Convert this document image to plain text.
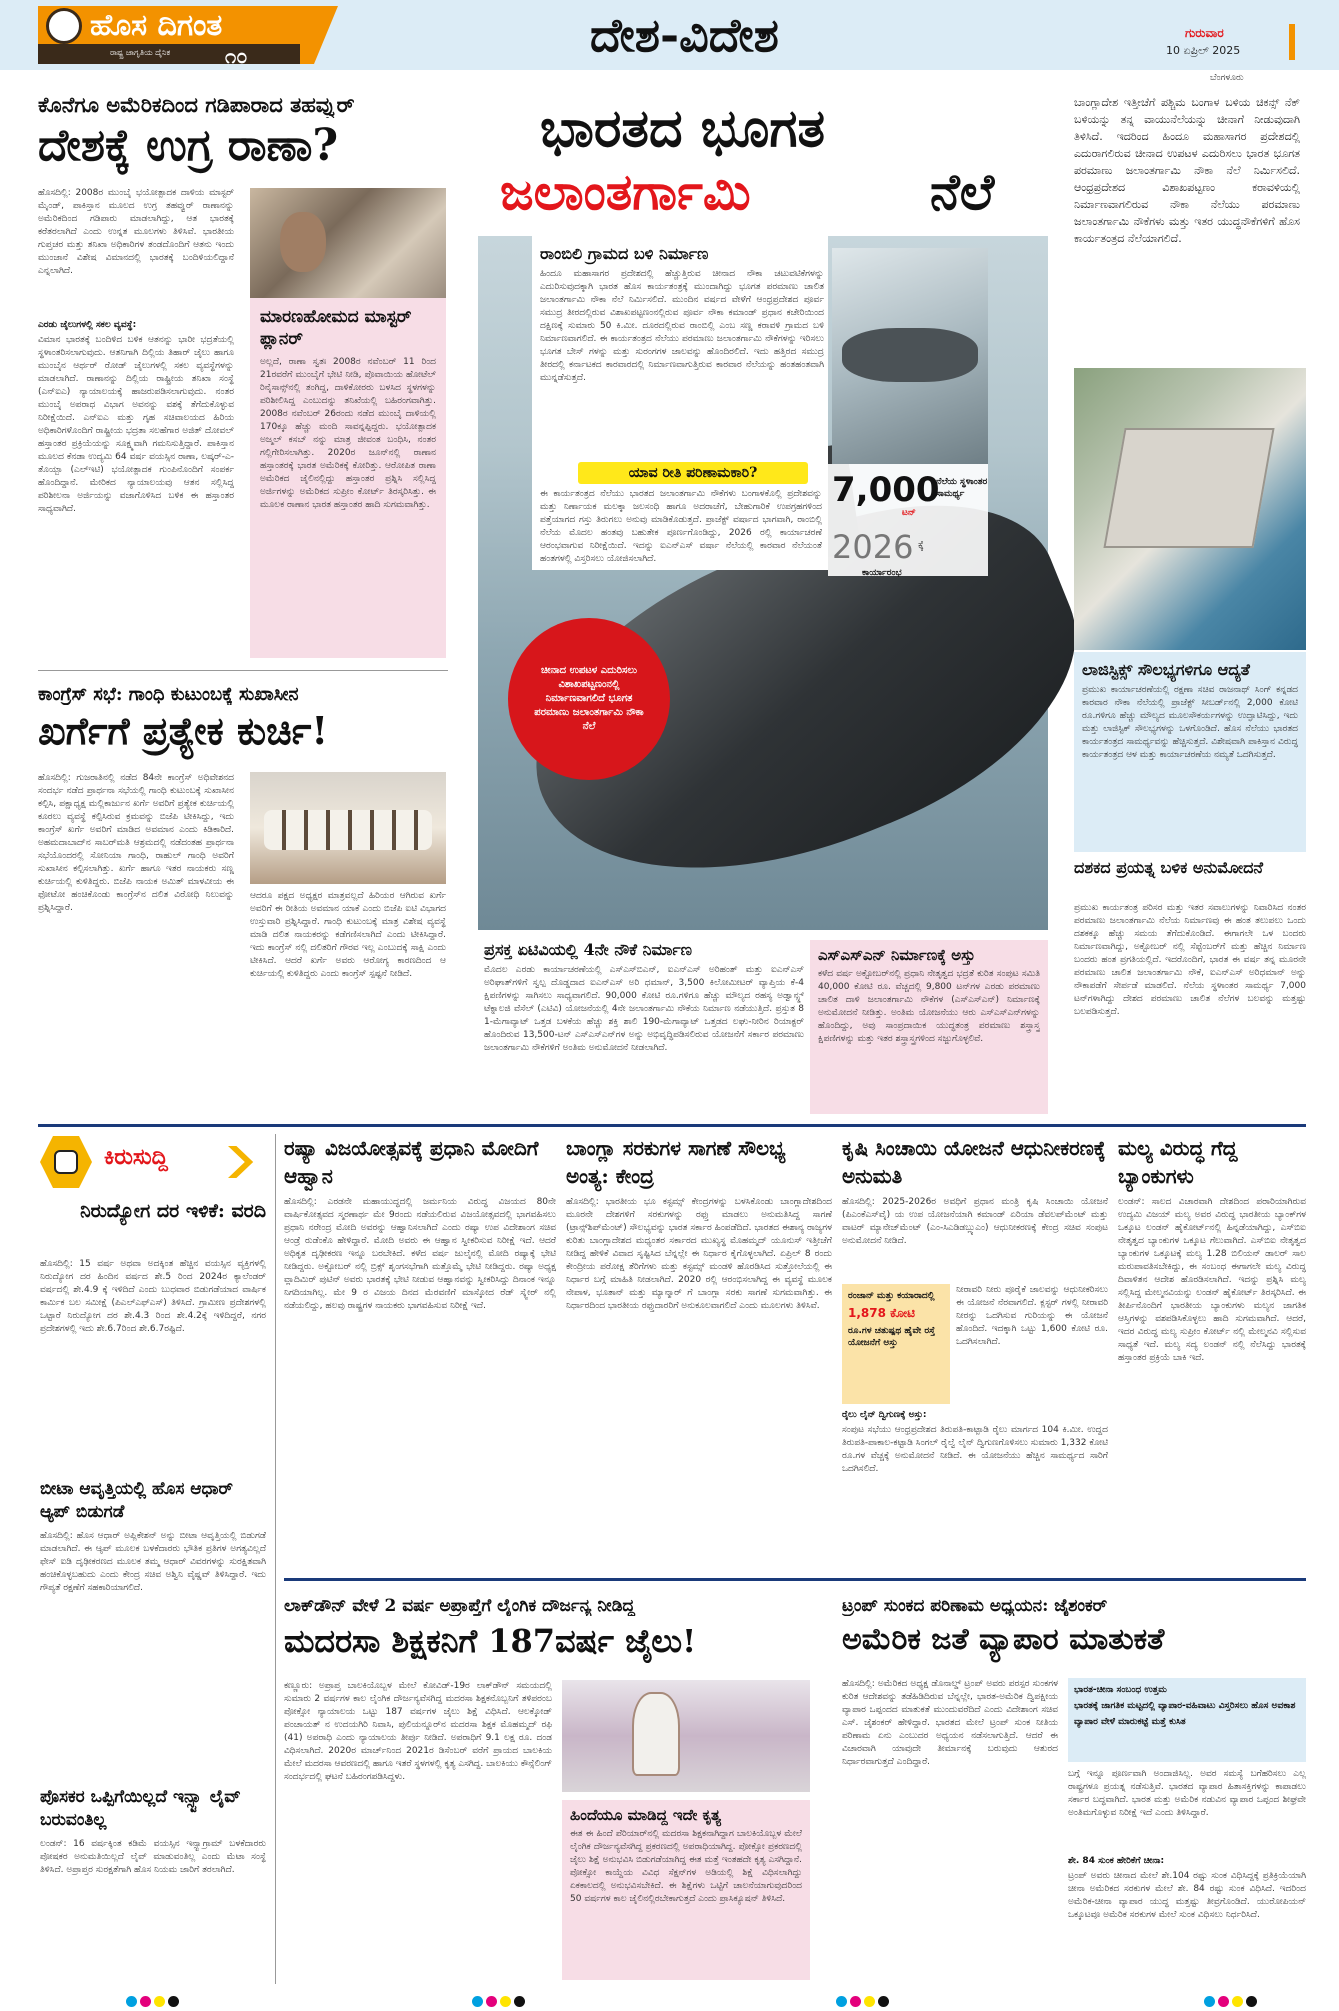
ಹೊಸ ದಿಗಂತ
ರಾಷ್ಟ್ರ ಜಾಗೃತಿಯ ದೈನಿಕ	೧೦	ದೇಶ-ವಿದೇಶ	ಗುರುವಾರ
10 ಏಪ್ರಿಲ್ 2025
ಬೆಂಗಳೂರು
ಕೊನೆಗೂ ಅಮೆರಿಕದಿಂದ ಗಡಿಪಾರಾದ ತಹವ್ವುರ್
ದೇಶಕ್ಕೆ ಉಗ್ರ ರಾಣಾ?
ಹೊಸದಿಲ್ಲಿ: 2008ರ ಮುಂಬೈ ಭಯೋತ್ಪಾದಕ ದಾಳಿಯ ಮಾಸ್ಟರ್ ಮೈಂಡ್, ಪಾಕಿಸ್ತಾನ ಮೂಲದ ಉಗ್ರ ತಹವ್ವುರ್ ರಾಣಾನನ್ನು ಅಮೆರಿಕದಿಂದ ಗಡಿಪಾರು ಮಾಡಲಾಗಿದ್ದು, ಆತ ಭಾರತಕ್ಕೆ ಕರೆತರಲಾಗಿದೆ ಎಂದು ಉನ್ನತ ಮೂಲಗಳು ತಿಳಿಸಿವೆ. ಭಾರತೀಯ ಗುಪ್ತಚರ ಮತ್ತು ತನಿಖಾ ಅಧಿಕಾರಿಗಳ ತಂಡದೊಂದಿಗೆ ಆತನು ಇಂದು ಮುಂಜಾನೆ ವಿಶೇಷ ವಿಮಾನದಲ್ಲಿ ಭಾರತಕ್ಕೆ ಬಂದಿಳಿಯಲಿದ್ದಾನೆ ಎನ್ನಲಾಗಿದೆ.
ಮಾರಣಹೋಮದ ಮಾಸ್ಟರ್ ಪ್ಲಾನರ್
ಅಲ್ಲದೆ, ರಾಣಾ ಸ್ವತಃ 2008ರ ನವೆಂಬರ್ 11 ರಿಂದ 21ರವರೆಗೆ ಮುಂಬೈಗೆ ಭೇಟಿ ನೀಡಿ, ಪೊವಾಯಿಯ ಹೋಟೆಲ್ ರಿನೈಸಾನ್ಸ್‌ನಲ್ಲಿ ತಂಗಿದ್ದ, ದಾಳಿಕೋರರು ಬಳಸಿದ ಸ್ಥಳಗಳನ್ನು ಪರಿಶೀಲಿಸಿದ್ದ ಎಂಬುದನ್ನು ತನಿಖೆಯಲ್ಲಿ ಬಹಿರಂಗವಾಗಿತ್ತು. 2008ರ ನವೆಂಬರ್ 26ರಂದು ನಡೆದ ಮುಂಬೈ ದಾಳಿಯಲ್ಲಿ 170ಕ್ಕೂ ಹೆಚ್ಚು ಮಂದಿ ಸಾವನ್ನಪ್ಪಿದ್ದರು. ಭಯೋತ್ಪಾದಕ ಅಜ್ಮಲ್ ಕಸಬ್ ನನ್ನು ಮಾತ್ರ ಜೀವಂತ ಬಂಧಿಸಿ, ನಂತರ ಗಲ್ಲಿಗೇರಿಸಲಾಗಿತ್ತು. 2020ರ ಜೂನ್‌ನಲ್ಲಿ ರಾಣಾನ ಹಸ್ತಾಂತರಕ್ಕೆ ಭಾರತ ಅಮೆರಿಕಕ್ಕೆ ಕೋರಿತ್ತು. ಆರೋಪಿತ ರಾಣಾ ಅಮೆರಿಕದ ಜೈಲಿನಲ್ಲಿದ್ದು ಹಸ್ತಾಂತರ ಪ್ರಶ್ನಿಸಿ ಸಲ್ಲಿಸಿದ್ದ ಅರ್ಜಿಗಳನ್ನು ಅಮೆರಿಕದ ಸುಪ್ರೀಂ ಕೋರ್ಟ್ ತಿರಸ್ಕರಿಸಿತ್ತು. ಈ ಮೂಲಕ ರಾಣಾನ ಭಾರತ ಹಸ್ತಾಂತರ ಹಾದಿ ಸುಗಮವಾಗಿತ್ತು.
ಎರಡು ಜೈಲುಗಳಲ್ಲಿ ಸಕಲ ವ್ಯವಸ್ಥೆ:
ವಿಮಾನ ಭಾರತಕ್ಕೆ ಬಂದಿಳಿದ ಬಳಿಕ ಆತನನ್ನು ಭಾರೀ ಭದ್ರತೆಯಲ್ಲಿ ಸ್ಥಳಾಂತರಿಸಲಾಗುವುದು. ಆತನಿಗಾಗಿ ದಿಲ್ಲಿಯ ತಿಹಾರ್ ಜೈಲು ಹಾಗೂ ಮುಂಬೈನ ಆರ್ಥರ್ ರೋಡ್ ಜೈಲುಗಳಲ್ಲಿ ಸಕಲ ವ್ಯವಸ್ಥೆಗಳನ್ನು ಮಾಡಲಾಗಿದೆ. ರಾಣಾನನ್ನು ದಿಲ್ಲಿಯ ರಾಷ್ಟ್ರೀಯ ತನಿಖಾ ಸಂಸ್ಥೆ (ಎನ್‌ಐಎ) ನ್ಯಾಯಾಲಯಕ್ಕೆ ಹಾಜರುಪಡಿಸಲಾಗುವುದು. ನಂತರ ಮುಂಬೈ ಅಪರಾಧ ವಿಭಾಗ ಅವನನ್ನು ವಶಕ್ಕೆ ತೆಗೆದುಕೊಳ್ಳುವ ನಿರೀಕ್ಷೆಯಿದೆ. ಎನ್‌ಐಎ ಮತ್ತು ಗೃಹ ಸಚಿವಾಲಯದ ಹಿರಿಯ ಅಧಿಕಾರಿಗಳೊಂದಿಗೆ ರಾಷ್ಟ್ರೀಯ ಭದ್ರತಾ ಸಲಹೆಗಾರ ಅಜಿತ್ ದೋವಲ್ ಹಸ್ತಾಂತರ ಪ್ರಕ್ರಿಯೆಯನ್ನು ಸೂಕ್ಷ್ಮವಾಗಿ ಗಮನಿಸುತ್ತಿದ್ದಾರೆ. ಪಾಕಿಸ್ತಾನ ಮೂಲದ ಕೆನಡಾ ಉದ್ಯಮಿ 64 ವರ್ಷ ವಯಸ್ಸಿನ ರಾಣಾ, ಲಷ್ಕರ್-ಎ-ತೊಯ್ಬಾ (ಎಲ್‌ಇಟಿ) ಭಯೋತ್ಪಾದಕ ಗುಂಪಿನೊಂದಿಗೆ ಸಂಪರ್ಕ ಹೊಂದಿದ್ದಾನೆ. ಮೇರಿಕದ ನ್ಯಾಯಾಲಯವು ಆತನ ಸಲ್ಲಿಸಿದ್ದ ಪರಿಶೀಲನಾ ಅರ್ಜಿಯನ್ನು ವಜಾಗೊಳಿಸಿದ ಬಳಿಕ ಈ ಹಸ್ತಾಂತರ ಸಾಧ್ಯವಾಗಿದೆ.
ಕಾಂಗ್ರೆಸ್ ಸಭೆ: ಗಾಂಧಿ ಕುಟುಂಬಕ್ಕೆ ಸುಖಾಸೀನ
ಖರ್ಗೆಗೆ ಪ್ರತ್ಯೇಕ ಕುರ್ಚಿ!
ಹೊಸದಿಲ್ಲಿ: ಗುಜರಾತಿನಲ್ಲಿ ನಡೆದ 84ನೇ ಕಾಂಗ್ರೆಸ್ ಅಧಿವೇಶನದ ಸಂದರ್ಭ ನಡೆದ ಪ್ರಾರ್ಥನಾ ಸಭೆಯಲ್ಲಿ ಗಾಂಧಿ ಕುಟುಂಬಕ್ಕೆ ಸುಖಾಸೀನ ಕಲ್ಪಿಸಿ, ಪಕ್ಷಾಧ್ಯಕ್ಷ ಮಲ್ಲಿಕಾರ್ಜುನ ಖರ್ಗೆ ಅವರಿಗೆ ಪ್ರತ್ಯೇಕ ಕುರ್ಚಿಯಲ್ಲಿ ಕೂರಲು ವ್ಯವಸ್ಥೆ ಕಲ್ಪಿಸಿರುವ ಕ್ರಮವನ್ನು ಬಿಜೆಪಿ ಟೀಕಿಸಿದ್ದು, ಇದು ಕಾಂಗ್ರೆಸ್ ಖರ್ಗೆ ಅವರಿಗೆ ಮಾಡಿದ ಅವಮಾನ ಎಂದು ಕಿಡಿಕಾರಿದೆ. ಅಹಮದಾಬಾದ್‌ನ ಸಾಬರ್‌ಮತಿ ಆಶ್ರಮದಲ್ಲಿ ನಡೆದಂತಹ ಪ್ರಾರ್ಥನಾ ಸಭೆಯೊಂದರಲ್ಲಿ ಸೋನಿಯಾ ಗಾಂಧಿ, ರಾಹುಲ್ ಗಾಂಧಿ ಅವರಿಗೆ ಸುಖಾಸೀನ ಕಲ್ಪಿಸಲಾಗಿತ್ತು. ಖರ್ಗೆ ಹಾಗೂ ಇತರ ನಾಯಕರು ಸಣ್ಣ ಕುರ್ಚಿಯಲ್ಲಿ ಕುಳಿತಿದ್ದರು. ಬಿಜೆಪಿ ನಾಯಕ ಅಮಿತ್ ಮಾಳವೀಯ ಈ ಫೋಟೋ ಹಂಚಿಕೊಂಡು ಕಾಂಗ್ರೆಸ್‌ನ ದಲಿತ ವಿರೋಧಿ ನಿಲುವನ್ನು ಪ್ರಶ್ನಿಸಿದ್ದಾರೆ.
ಆದರೂ ಪಕ್ಷದ ಅಧ್ಯಕ್ಷರ ಮಾತ್ರವಲ್ಲದೆ ಹಿರಿಯರ ಆಗಿರುವ ಖರ್ಗೆ ಅವರಿಗೆ ಈ ರೀತಿಯ ಅವಮಾನ ಯಾಕೆ ಎಂದು ಬಿಜೆಪಿ ಐಟಿ ವಿಭಾಗದ ಉಸ್ತುವಾರಿ ಪ್ರಶ್ನಿಸಿದ್ದಾರೆ. ಗಾಂಧಿ ಕುಟುಂಬಕ್ಕೆ ಮಾತ್ರ ವಿಶೇಷ ವ್ಯವಸ್ಥೆ ಮಾಡಿ ದಲಿತ ನಾಯಕರನ್ನು ಕಡೆಗಣಿಸಲಾಗಿದೆ ಎಂದು ಟೀಕಿಸಿದ್ದಾರೆ. ಇದು ಕಾಂಗ್ರೆಸ್ ನಲ್ಲಿ ದಲಿತರಿಗೆ ಗೌರವ ಇಲ್ಲ ಎಂಬುದಕ್ಕೆ ಸಾಕ್ಷಿ ಎಂದು ಟೀಕಿಸಿದೆ. ಆದರೆ ಖರ್ಗೆ ಅವರು ಆರೋಗ್ಯ ಕಾರಣದಿಂದ ಆ ಕುರ್ಚಿಯಲ್ಲಿ ಕುಳಿತಿದ್ದರು ಎಂದು ಕಾಂಗ್ರೆಸ್ ಸ್ಪಷ್ಟನೆ ನೀಡಿದೆ.
ಭಾರತದ ಭೂಗತ
ಜಲಾಂತರ್ಗಾಮಿ	ನೆಲೆ
ರಾಂಬಿಲಿ ಗ್ರಾಮದ ಬಳಿ ನಿರ್ಮಾಣ
ಹಿಂದೂ ಮಹಾಸಾಗರ ಪ್ರದೇಶದಲ್ಲಿ ಹೆಚ್ಚುತ್ತಿರುವ ಚೀನಾದ ನೌಕಾ ಚಟುವಟಿಕೆಗಳನ್ನು ಎದುರಿಸುವುದಕ್ಕಾಗಿ ಭಾರತ ಹೊಸ ಕಾರ್ಯತಂತ್ರಕ್ಕೆ ಮುಂದಾಗಿದ್ದು ಭೂಗತ ಪರಮಾಣು ಚಾಲಿತ ಜಲಾಂತರ್ಗಾಮಿ ನೌಕಾ ನೆಲೆ ನಿರ್ಮಿಸಲಿದೆ. ಮುಂದಿನ ವರ್ಷದ ವೇಳೆಗೆ ಆಂಧ್ರಪ್ರದೇಶದ ಪೂರ್ವ ಸಮುದ್ರ ತೀರದಲ್ಲಿರುವ ವಿಶಾಖಪಟ್ಟಣಂನಲ್ಲಿರುವ ಪೂರ್ವ ನೌಕಾ ಕಮಾಂಡ್ ಪ್ರಧಾನ ಕಚೇರಿಯಿಂದ ದಕ್ಷಿಣಕ್ಕೆ ಸುಮಾರು 50 ಕಿ.ಮೀ. ದೂರದಲ್ಲಿರುವ ರಾಂಬಿಲ್ಲಿ ಎಂಬ ಸಣ್ಣ ಕರಾವಳಿ ಗ್ರಾಮದ ಬಳಿ ನಿರ್ಮಾಣವಾಗಲಿದೆ. ಈ ಕಾರ್ಯತಂತ್ರದ ನೆಲೆಯು ಪರಮಾಣು ಜಲಾಂತರ್ಗಾಮಿ ನೌಕೆಗಳನ್ನು ಇರಿಸಲು ಭೂಗತ ಬೇಸ್ ಗಳನ್ನು ಮತ್ತು ಸುರಂಗಗಳ ಜಾಲವನ್ನು ಹೊಂದಿರಲಿದೆ. ಇದು ಹತ್ತಿರದ ಸಮುದ್ರ ತೀರದಲ್ಲಿ ಕರ್ನಾಟಕದ ಕಾರವಾರದಲ್ಲಿ ನಿರ್ಮಾಣವಾಗುತ್ತಿರುವ ಕಾರವಾರ ನೆಲೆಯನ್ನು ಹಂತಹಂತವಾಗಿ ಮುನ್ನಡೆಸುತ್ತದೆ.
ಯಾವ ರೀತಿ ಪರಿಣಾಮಕಾರಿ?
ಈ ಕಾರ್ಯತಂತ್ರದ ನೆಲೆಯು ಭಾರತದ ಜಲಾಂತರ್ಗಾಮಿ ನೌಕೆಗಳು ಬಂಗಾಳಕೊಲ್ಲಿ ಪ್ರದೇಶವನ್ನು ಮತ್ತು ನಿರ್ಣಾಯಕ ಮಲಕ್ಕಾ ಜಲಸಂಧಿ ಹಾಗೂ ಅದರಾಚೆಗೆ, ಬೇಹುಗಾರಿಕೆ ಉಪಗ್ರಹಗಳಿಂದ ಪತ್ತೆಯಾಗದ ಗಸ್ತು ತಿರುಗಲು ಅನುವು ಮಾಡಿಕೊಡುತ್ತದೆ. ಪ್ರಾಜೆಕ್ಟ್ ವರ್ಷಾದ ಭಾಗವಾಗಿ, ರಾಂಬಿಲ್ಲಿ ನೆಲೆಯ ಮೊದಲ ಹಂತವು ಬಹುತೇಕ ಪೂರ್ಣಗೊಂಡಿದ್ದು, 2026 ರಲ್ಲಿ ಕಾರ್ಯಾಚರಣೆ ಆರಂಭವಾಗುವ ನಿರೀಕ್ಷೆಯಿದೆ. ಇದನ್ನು ಐಎನ್‌ಎಸ್ ವರ್ಷಾ ನೆಲೆಯಲ್ಲಿ ಕಾರವಾರ ನೆಲೆಯಂತೆ ಹಂತಗಳಲ್ಲಿ ವಿಸ್ತರಿಸಲು ಯೋಜಿಸಲಾಗಿದೆ.
7,000
ಟನ್
ನೆಲೆಯ ಸ್ಥಳಾಂತರ ಸಾಮರ್ಥ್ಯ
2026 ಕ್ಕೆ
ಕಾರ್ಯಾರಂಭ
ಚೀನಾದ ಉಪಟಳ ಎದುರಿಸಲು ವಿಶಾಖಪಟ್ಟಣಂನಲ್ಲಿ ನಿರ್ಮಾಣವಾಗಲಿದೆ ಭೂಗತ ಪರಮಾಣು ಜಲಾಂತರ್ಗಾಮಿ ನೌಕಾ ನೆಲೆ
ಬಾಂಗ್ಲಾದೇಶ ಇತ್ತೀಚೆಗೆ ಪಶ್ಚಿಮ ಬಂಗಾಳ ಬಳಿಯ ಚಿಕನ್ಸ್ ನೆಕ್ ಬಳಿಯನ್ನು ತನ್ನ ವಾಯುನೆಲೆಯನ್ನು ಚೀನಾಗೆ ನೀಡುವುದಾಗಿ ತಿಳಿಸಿದೆ. ಇದರಿಂದ ಹಿಂದೂ ಮಹಾಸಾಗರ ಪ್ರದೇಶದಲ್ಲಿ ಎದುರಾಗಲಿರುವ ಚೀನಾದ ಉಪಟಳ ಎದುರಿಸಲು ಭಾರತ ಭೂಗತ ಪರಮಾಣು ಜಲಾಂತರ್ಗಾಮಿ ನೌಕಾ ನೆಲೆ ನಿರ್ಮಿಸಲಿದೆ. ಆಂಧ್ರಪ್ರದೇಶದ ವಿಶಾಖಪಟ್ಟಣಂ ಕರಾವಳಿಯಲ್ಲಿ ನಿರ್ಮಾಣವಾಗಲಿರುವ ನೌಕಾ ನೆಲೆಯು ಪರಮಾಣು ಜಲಾಂತರ್ಗಾಮಿ ನೌಕೆಗಳು ಮತ್ತು ಇತರ ಯುದ್ಧನೌಕೆಗಳಿಗೆ ಹೊಸ ಕಾರ್ಯತಂತ್ರದ ನೆಲೆಯಾಗಲಿದೆ.
ಲಾಜಿಸ್ಟಿಕ್ಸ್ ಸೌಲಭ್ಯಗಳಿಗೂ ಆದ್ಯತೆ
ಪ್ರಮುಖ ಕಾರ್ಯಾಚರಣೆಯಲ್ಲಿ ರಕ್ಷಣಾ ಸಚಿವ ರಾಜನಾಥ್ ಸಿಂಗ್ ಕನ್ನಡದ ಕಾರವಾರ ನೌಕಾ ನೆಲೆಯಲ್ಲಿ ಪ್ರಾಜೆಕ್ಟ್ ಸೀಬರ್ಡ್‌ನಲ್ಲಿ 2,000 ಕೋಟಿ ರೂ.ಗಳಿಗೂ ಹೆಚ್ಚು ಮೌಲ್ಯದ ಮೂಲಸೌಕರ್ಯಗಳನ್ನು ಉದ್ಘಾಟಿಸಿದ್ದು, ಇದು ಮತ್ತು ಲಾಜಿಸ್ಟಿಕ್ ಸೌಲಭ್ಯಗಳನ್ನು ಒಳಗೊಂಡಿದೆ. ಹೊಸ ನೆಲೆಯು ಭಾರತದ ಕಾರ್ಯತಂತ್ರದ ಸಾಮರ್ಥ್ಯವನ್ನು ಹೆಚ್ಚಿಸುತ್ತದೆ. ವಿಶೇಷವಾಗಿ ಪಾಕಿಸ್ತಾನ ವಿರುದ್ಧ ಕಾರ್ಯತಂತ್ರದ ಆಳ ಮತ್ತು ಕಾರ್ಯಾಚರಣೆಯ ನಮ್ಯತೆ ಒದಗಿಸುತ್ತದೆ.
ದಶಕದ ಪ್ರಯತ್ನ ಬಳಿಕ ಅನುಮೋದನೆ
ಪ್ರಮುಖ ಕಾರ್ಯತಂತ್ರ ಪರಿಸರ ಮತ್ತು ಇತರ ಸವಾಲುಗಳನ್ನು ನಿವಾರಿಸಿದ ನಂತರ ಪರಮಾಣು ಜಲಾಂತರ್ಗಾಮಿ ನೆಲೆಯ ನಿರ್ಮಾಣವು ಈ ಹಂತ ತಲುಪಲು ಒಂದು ದಶಕಕ್ಕೂ ಹೆಚ್ಚು ಸಮಯ ತೆಗೆದುಕೊಂಡಿದೆ. ಈಗಾಗಲೇ ಒಳ ಬಂದರು ನಿರ್ಮಾಣವಾಗಿದ್ದು, ಅಕ್ಟೋಬರ್ ನಲ್ಲಿ ಸೆಪ್ಟೆಂಬರ್‌ಗೆ ಮತ್ತು ಹೆಚ್ಚಿನ ನಿರ್ಮಾಣ ಬಂದರು ಹಂತ ಪ್ರಗತಿಯಲ್ಲಿದೆ. ಇದರೊಂದಿಗೆ, ಭಾರತ ಈ ವರ್ಷ ತನ್ನ ಮೂರನೇ ಪರಮಾಣು ಚಾಲಿತ ಜಲಾಂತರ್ಗಾಮಿ ನೌಕೆ, ಐಎನ್‌ಎಸ್ ಅರಿಧಮಾನ್ ಅನ್ನು ನೌಕಾಪಡೆಗೆ ಸೇರ್ಪಡೆ ಮಾಡಲಿದೆ. ನೆಲೆಯ ಸ್ಥಳಾಂತರ ಸಾಮರ್ಥ್ಯ 7,000 ಟನ್‌ಗಳಾಗಿದ್ದು ದೇಶದ ಪರಮಾಣು ಚಾಲಿತ ನೆಲೆಗಳ ಬಲವನ್ನು ಮತ್ತಷ್ಟು ಬಲಪಡಿಸುತ್ತದೆ.
ಪ್ರಸಕ್ತ ಏಟಿವಿಯಲ್ಲಿ 4ನೇ ನೌಕೆ ನಿರ್ಮಾಣ
ಮೊದಲ ಎರಡು ಕಾರ್ಯಾಚರಣೆಯಲ್ಲಿ ಎಸ್‌ಎಸ್‌ಬಿಎನ್, ಐಎನ್‌ಎಸ್ ಅರಿಹಂತ್ ಮತ್ತು ಐಎನ್‌ಎಸ್ ಅರಿಘಾತ್‌ಗಳಿಗೆ ಸ್ವಲ್ಪ ದೊಡ್ಡದಾದ ಐಎನ್‌ಎಸ್ ಅರಿ ಧಮಾನ್, 3,500 ಕಿಲೋಮೀಟರ್ ವ್ಯಾಪ್ತಿಯ ಕೆ-4 ಕ್ಷಿಪಣಿಗಳನ್ನು ಸಾಗಿಸಲು ಸಾಧ್ಯವಾಗಲಿದೆ. 90,000 ಕೋಟಿ ರೂ.ಗಳಿಗೂ ಹೆಚ್ಚು ಮೌಲ್ಯದ ರಹಸ್ಯ ಅಡ್ವಾನ್ಸ್ಡ್ ಟೆಕ್ನಾಲಜಿ ವೆಸೆಲ್ (ಎಟಿವಿ) ಯೋಜನೆಯಲ್ಲಿ 4ನೇ ಜಲಾಂತರ್ಗಾಮಿ ನೌಕೆಯ ನಿರ್ಮಾಣ ನಡೆಯುತ್ತಿದೆ. ಪ್ರಸ್ತುತ 8 1-ಮೆಗಾವ್ಯಾಟ್ ಒತ್ತಡ ಬಳಕೆಯ ಹೆಚ್ಚು ಶಕ್ತಿ ಶಾಲಿ 190-ಮೆಗಾವ್ಯಾಟ್ ಒತ್ತಡದ ಲಘು-ನೀರಿನ ರಿಯಾಕ್ಟರ್ ಹೊಂದಿರುವ 13,500-ಟನ್ ಎಸ್‌ಎಸ್‌ಎನ್‌ಗಳ ಅನ್ನು ಅಭಿವೃದ್ಧಿಪಡಿಸಲಿರುವ ಯೋಜನೆಗೆ ಸರ್ಕಾರ ಪರಮಾಣು ಜಲಾಂತರ್ಗಾಮಿ ನೌಕೆಗಳಿಗೆ ಅಂತಿಮ ಅನುಮೋದನೆ ನೀಡಲಾಗಿದೆ.
ಎಸ್‌ಎಸ್‌ಎನ್ ನಿರ್ಮಾಣಕ್ಕೆ ಅಸ್ತು
ಕಳೆದ ವರ್ಷ ಅಕ್ಟೋಬರ್‌ನಲ್ಲಿ ಪ್ರಧಾನಿ ನೇತೃತ್ವದ ಭದ್ರತೆ ಕುರಿತ ಸಂಪುಟ ಸಮಿತಿ 40,000 ಕೋಟಿ ರೂ. ವೆಚ್ಚದಲ್ಲಿ 9,800 ಟನ್‌ಗಳ ಎರಡು ಪರಮಾಣು ಚಾಲಿತ ದಾಳಿ ಜಲಾಂತರ್ಗಾಮಿ ನೌಕೆಗಳ (ಎಸ್‌ಎಸ್‌ಎನ್) ನಿರ್ಮಾಣಕ್ಕೆ ಅನುಮೋದನೆ ನೀಡಿತ್ತು. ಅಂತಿಮ ಯೋಜನೆಯು ಆರು ಎಸ್‌ಎಸ್‌ಎನ್‌ಗಳನ್ನು ಹೊಂದಿದ್ದು, ಅವು ಸಾಂಪ್ರದಾಯಿಕ ಯುದ್ಧತಂತ್ರ ಪರಮಾಣು ಶಸ್ತ್ರಾಸ್ತ್ರ ಕ್ಷಿಪಣಿಗಳನ್ನು ಮತ್ತು ಇತರ ಶಸ್ತ್ರಾಸ್ತ್ರಗಳಿಂದ ಸಜ್ಜುಗೊಳ್ಳಲಿವೆ.
ಕಿರುಸುದ್ದಿ
ನಿರುದ್ಯೋಗ ದರ ಇಳಿಕೆ: ವರದಿ
ಹೊಸದಿಲ್ಲಿ: 15 ವರ್ಷ ಅಥವಾ ಅದಕ್ಕಿಂತ ಹೆಚ್ಚಿನ ವಯಸ್ಸಿನ ವ್ಯಕ್ತಿಗಳಲ್ಲಿ ನಿರುದ್ಯೋಗ ದರ ಹಿಂದಿನ ವರ್ಷದ ಶೇ.5 ರಿಂದ 2024ರ ಕ್ಯಾಲೆಂಡರ್ ವರ್ಷದಲ್ಲಿ ಶೇ.4.9 ಕ್ಕೆ ಇಳಿದಿದೆ ಎಂದು ಬುಧವಾರ ಬಿಡುಗಡೆಯಾದ ವಾರ್ಷಿಕ ಕಾರ್ಮಿಕ ಬಲ ಸಮೀಕ್ಷೆ (ಪಿಎಲ್‌ಎಫ್‌ಎಸ್) ತಿಳಿಸಿದೆ. ಗ್ರಾಮೀಣ ಪ್ರದೇಶಗಳಲ್ಲಿ ಒಟ್ಟಾರೆ ನಿರುದ್ಯೋಗ ದರ ಶೇ.4.3 ರಿಂದ ಶೇ.4.2ಕ್ಕೆ ಇಳಿದಿದ್ದರೆ, ನಗರ ಪ್ರದೇಶಗಳಲ್ಲಿ ಇದು ಶೇ.6.7ರಿಂದ ಶೇ.6.7ರಷ್ಟಿದೆ.
ಬೀಟಾ ಆವೃತ್ತಿಯಲ್ಲಿ ಹೊಸ ಆಧಾರ್ ಆ್ಯಪ್ ಬಿಡುಗಡೆ
ಹೊಸದಿಲ್ಲಿ: ಹೊಸ ಆಧಾರ್ ಅಪ್ಲಿಕೇಶನ್ ಅನ್ನು ಬೀಟಾ ಆವೃತ್ತಿಯಲ್ಲಿ ಬಿಡುಗಡೆ ಮಾಡಲಾಗಿದೆ. ಈ ಆ್ಯಪ್ ಮೂಲಕ ಬಳಕೆದಾರರು ಭೌತಿಕ ಪ್ರತಿಗಳ ಅಗತ್ಯವಿಲ್ಲದೆ ಫೇಸ್ ಐಡಿ ದೃಢೀಕರಣದ ಮೂಲಕ ತಮ್ಮ ಆಧಾರ್ ವಿವರಗಳನ್ನು ಸುರಕ್ಷಿತವಾಗಿ ಹಂಚಿಕೊಳ್ಳಬಹುದು ಎಂದು ಕೇಂದ್ರ ಸಚಿವ ಅಶ್ವಿನಿ ವೈಷ್ಣವ್ ತಿಳಿಸಿದ್ದಾರೆ. ಇದು ಗೌಪ್ಯತೆ ರಕ್ಷಣೆಗೆ ಸಹಕಾರಿಯಾಗಲಿದೆ.
ಪೊಸಕರ ಒಪ್ಪಿಗೆಯಿಲ್ಲದೆ ಇನ್ಸ್ಟಾ ಲೈವ್ ಬರುವಂತಿಲ್ಲ
ಲಂಡನ್: 16 ವರ್ಷಕ್ಕಿಂತ ಕಡಿಮೆ ವಯಸ್ಸಿನ ಇನ್ಸ್ಟಾಗ್ರಾಮ್ ಬಳಕೆದಾರರು ಪೋಷಕರ ಅನುಮತಿಯಿಲ್ಲದೆ ಲೈವ್ ಮಾಡುವಂತಿಲ್ಲ ಎಂದು ಮೆಟಾ ಸಂಸ್ಥೆ ತಿಳಿಸಿದೆ. ಅಪ್ರಾಪ್ತರ ಸುರಕ್ಷತೆಗಾಗಿ ಹೊಸ ನಿಯಮ ಜಾರಿಗೆ ತರಲಾಗಿದೆ.
ರಷ್ಯಾ ವಿಜಯೋತ್ಸವಕ್ಕೆ ಪ್ರಧಾನಿ ಮೋದಿಗೆ ಆಹ್ವಾನ
ಹೊಸದಿಲ್ಲಿ: ಎರಡನೇ ಮಹಾಯುದ್ಧದಲ್ಲಿ ಜರ್ಮನಿಯ ವಿರುದ್ಧ ವಿಜಯದ 80ನೇ ವಾರ್ಷಿಕೋತ್ಸವದ ಸ್ಮರಣಾರ್ಥ ಮೇ 9ರಂದು ನಡೆಯಲಿರುವ ವಿಜಯೋತ್ಸವದಲ್ಲಿ ಭಾಗವಹಿಸಲು ಪ್ರಧಾನಿ ನರೇಂದ್ರ ಮೋದಿ ಅವರನ್ನು ಆಹ್ವಾನಿಸಲಾಗಿದೆ ಎಂದು ರಷ್ಯಾ ಉಪ ವಿದೇಶಾಂಗ ಸಚಿವ ಆಂಡ್ರೆ ರುಡೆಂಕೊ ಹೇಳಿದ್ದಾರೆ. ಮೋದಿ ಅವರು ಈ ಆಹ್ವಾನ ಸ್ವೀಕರಿಸುವ ನಿರೀಕ್ಷೆ ಇದೆ. ಆದರೆ ಅಧಿಕೃತ ದೃಢೀಕರಣ ಇನ್ನೂ ಬರಬೇಕಿದೆ. ಕಳೆದ ವರ್ಷ ಜುಲೈನಲ್ಲಿ ಮೋದಿ ರಷ್ಯಾಕ್ಕೆ ಭೇಟಿ ನೀಡಿದ್ದರು. ಅಕ್ಟೋಬರ್ ನಲ್ಲಿ ಬ್ರಿಕ್ಸ್ ಶೃಂಗಸಭೆಗಾಗಿ ಮತ್ತೊಮ್ಮೆ ಭೇಟಿ ನೀಡಿದ್ದರು. ರಷ್ಯಾ ಅಧ್ಯಕ್ಷ ವ್ಲಾದಿಮಿರ್ ಪುಟಿನ್ ಅವರು ಭಾರತಕ್ಕೆ ಭೇಟಿ ನೀಡುವ ಆಹ್ವಾನವನ್ನು ಸ್ವೀಕರಿಸಿದ್ದು ದಿನಾಂಕ ಇನ್ನೂ ನಿಗದಿಯಾಗಿಲ್ಲ. ಮೇ 9 ರ ವಿಜಯ ದಿನದ ಮೆರವಣಿಗೆ ಮಾಸ್ಕೋದ ರೆಡ್ ಸ್ಕ್ವೇರ್ ನಲ್ಲಿ ನಡೆಯಲಿದ್ದು, ಹಲವು ರಾಷ್ಟ್ರಗಳ ನಾಯಕರು ಭಾಗವಹಿಸುವ ನಿರೀಕ್ಷೆ ಇದೆ.
ಬಾಂಗ್ಲಾ ಸರಕುಗಳ ಸಾಗಣೆ ಸೌಲಭ್ಯ ಅಂತ್ಯ: ಕೇಂದ್ರ
ಹೊಸದಿಲ್ಲಿ: ಭಾರತೀಯ ಭೂ ಕಸ್ಟಮ್ಸ್ ಕೇಂದ್ರಗಳನ್ನು ಬಳಸಿಕೊಂಡು ಬಾಂಗ್ಲಾದೇಶದಿಂದ ಮೂರನೇ ದೇಶಗಳಿಗೆ ಸರಕುಗಳನ್ನು ರಫ್ತು ಮಾಡಲು ಅನುಮತಿಸಿದ್ದ ಸಾಗಣೆ (ಟ್ರಾನ್ಸ್‌ಶಿಪ್‌ಮೆಂಟ್) ಸೌಲಭ್ಯವನ್ನು ಭಾರತ ಸರ್ಕಾರ ಹಿಂಪಡೆದಿದೆ. ಭಾರತದ ಈಶಾನ್ಯ ರಾಜ್ಯಗಳ ಕುರಿತು ಬಾಂಗ್ಲಾದೇಶದ ಮಧ್ಯಂತರ ಸರ್ಕಾರದ ಮುಖ್ಯಸ್ಥ ಮೊಹಮ್ಮದ್ ಯೂನುಸ್ ಇತ್ತೀಚೆಗೆ ನೀಡಿದ್ದ ಹೇಳಿಕೆ ವಿವಾದ ಸೃಷ್ಟಿಸಿದ ಬೆನ್ನಲ್ಲೇ ಈ ನಿರ್ಧಾರ ಕೈಗೊಳ್ಳಲಾಗಿದೆ. ಏಪ್ರಿಲ್ 8 ರಂದು ಕೇಂದ್ರೀಯ ಪರೋಕ್ಷ ತೆರಿಗೆಗಳು ಮತ್ತು ಕಸ್ಟಮ್ಸ್ ಮಂಡಳಿ ಹೊರಡಿಸಿದ ಸುತ್ತೋಲೆಯಲ್ಲಿ ಈ ನಿರ್ಧಾರ ಬಗ್ಗೆ ಮಾಹಿತಿ ನೀಡಲಾಗಿದೆ. 2020 ರಲ್ಲಿ ಆರಂಭಿಸಲಾಗಿದ್ದ ಈ ವ್ಯವಸ್ಥೆ ಮೂಲಕ ನೇಪಾಳ, ಭೂತಾನ್ ಮತ್ತು ಮ್ಯಾನ್ಮಾರ್ ಗೆ ಬಾಂಗ್ಲಾ ಸರಕು ಸಾಗಣೆ ಸುಗಮವಾಗಿತ್ತು. ಈ ನಿರ್ಧಾರದಿಂದ ಭಾರತೀಯ ರಫ್ತುದಾರರಿಗೆ ಅನುಕೂಲವಾಗಲಿದೆ ಎಂದು ಮೂಲಗಳು ತಿಳಿಸಿವೆ.
ಕೃಷಿ ಸಿಂಚಾಯಿ ಯೋಜನೆ ಆಧುನೀಕರಣಕ್ಕೆ ಅನುಮತಿ
ಹೊಸದಿಲ್ಲಿ: 2025-2026ರ ಅವಧಿಗೆ ಪ್ರಧಾನ ಮಂತ್ರಿ ಕೃಷಿ ಸಿಂಚಾಯಿ ಯೋಜನೆ (ಪಿಎಂಕೆಎಸ್‌ವೈ) ಯ ಉಪ ಯೋಜನೆಯಾಗಿ ಕಮಾಂಡ್ ಏರಿಯಾ ಡೆವಲಪ್‌ಮೆಂಟ್ ಮತ್ತು ವಾಟರ್ ಮ್ಯಾನೇಜ್‌ಮೆಂಟ್ (ಎಂ-ಸಿಎಡಿಡಬ್ಲ್ಯುಎಂ) ಆಧುನೀಕರಣಕ್ಕೆ ಕೇಂದ್ರ ಸಚಿವ ಸಂಪುಟ ಅನುಮೋದನೆ ನೀಡಿದೆ.
ರಂಜಾನ್ ಮತ್ತು ಕಯಾರಾದಲ್ಲಿ
1,878 ಕೋಟಿ
ರೂ.ಗಳ ಚತುಷ್ಪಥ ಹೈವೇ ರಸ್ತೆ ಯೋಜನೆಗೆ ಅಸ್ತು
ನೀರಾವರಿ ನೀರು ಪೂರೈಕೆ ಜಾಲವನ್ನು ಆಧುನೀಕರಿಸಲು ಈ ಯೋಜನೆ ನೆರವಾಗಲಿದೆ. ಕ್ಲಸ್ಟರ್ ಗಳಲ್ಲಿ ನೀರಾವರಿ ನೀರನ್ನು ಒದಗಿಸುವ ಗುರಿಯನ್ನು ಈ ಯೋಜನೆ ಹೊಂದಿದೆ. ಇದಕ್ಕಾಗಿ ಒಟ್ಟು 1,600 ಕೋಟಿ ರೂ. ಒದಗಿಸಲಾಗಿದೆ.
ರೈಲು ಲೈನ್ ದ್ವಿಗುಣಕ್ಕೆ ಅಸ್ತು:
ಸಂಪುಟ ಸಭೆಯು ಆಂಧ್ರಪ್ರದೇಶದ ತಿರುಪತಿ-ಕಾಟ್ಪಾಡಿ ರೈಲು ಮಾರ್ಗದ 104 ಕಿ.ಮೀ. ಉದ್ದದ ತಿರುಪತಿ-ಪಾಕಾಲ-ಕಟ್ಟಾಡಿ ಸಿಂಗಲ್ ರೈಲ್ವೆ ಲೈನ್ ದ್ವಿಗುಣಗೊಳಿಸಲು ಸುಮಾರು 1,332 ಕೋಟಿ ರೂ.ಗಳ ವೆಚ್ಚಕ್ಕೆ ಅನುಮೋದನೆ ನೀಡಿದೆ. ಈ ಯೋಜನೆಯು ಹೆಚ್ಚಿನ ಸಾಮರ್ಥ್ಯದ ಸಾರಿಗೆ ಒದಗಿಸಲಿದೆ.
ಮಲ್ಯ ವಿರುದ್ಧ ಗೆದ್ದ ಬ್ಯಾಂಕುಗಳು
ಲಂಡನ್: ಸಾಲದ ವಿಚಾರವಾಗಿ ದೇಶದಿಂದ ಪರಾರಿಯಾಗಿರುವ ಉದ್ಯಮಿ ವಿಜಯ್ ಮಲ್ಯ ಅವರ ವಿರುದ್ಧ ಭಾರತೀಯ ಬ್ಯಾಂಕ್‌ಗಳ ಒಕ್ಕೂಟ ಲಂಡನ್ ಹೈಕೋರ್ಟ್‌ನಲ್ಲಿ ಹಿನ್ನಡೆಯಾಗಿದ್ದು, ಎಸ್‌ಬಿಐ ನೇತೃತ್ವದ ಬ್ಯಾಂಕುಗಳ ಒಕ್ಕೂಟ ಗೆಲುವಾಗಿದೆ. ಎಸ್‌ಬಿಐ ನೇತೃತ್ವದ ಬ್ಯಾಂಕುಗಳ ಒಕ್ಕೂಟಕ್ಕೆ ಮಲ್ಯ 1.28 ಬಿಲಿಯನ್ ಡಾಲರ್ ಸಾಲ ಮರುಪಾವತಿಸಬೇಕಿದ್ದು, ಈ ಸಂಬಂಧ ಈಗಾಗಲೇ ಮಲ್ಯ ವಿರುದ್ಧ ದಿವಾಳಿತನ ಆದೇಶ ಹೊರಡಿಸಲಾಗಿದೆ. ಇದನ್ನು ಪ್ರಶ್ನಿಸಿ ಮಲ್ಯ ಸಲ್ಲಿಸಿದ್ದ ಮೇಲ್ಮನವಿಯನ್ನು ಲಂಡನ್ ಹೈಕೋರ್ಟ್ ತಿರಸ್ಕರಿಸಿದೆ. ಈ ತೀರ್ಪಿನೊಂದಿಗೆ ಭಾರತೀಯ ಬ್ಯಾಂಕುಗಳು ಮಲ್ಯನ ಜಾಗತಿಕ ಆಸ್ತಿಗಳನ್ನು ವಶಪಡಿಸಿಕೊಳ್ಳಲು ಹಾದಿ ಸುಗಮವಾಗಿದೆ. ಆದರೆ, ಇದರ ವಿರುದ್ಧ ಮಲ್ಯ ಸುಪ್ರೀಂ ಕೋರ್ಟ್ ನಲ್ಲಿ ಮೇಲ್ಮನವಿ ಸಲ್ಲಿಸುವ ಸಾಧ್ಯತೆ ಇದೆ. ಮಲ್ಯ ಸದ್ಯ ಲಂಡನ್ ನಲ್ಲಿ ನೆಲೆಸಿದ್ದು ಭಾರತಕ್ಕೆ ಹಸ್ತಾಂತರ ಪ್ರಕ್ರಿಯೆ ಬಾಕಿ ಇದೆ.
ಲಾಕ್‌ಡೌನ್ ವೇಳೆ 2 ವರ್ಷ ಅಪ್ರಾಪ್ತೆಗೆ ಲೈಂಗಿಕ ದೌರ್ಜನ್ಯ ನೀಡಿದ್ದ
ಮದರಸಾ ಶಿಕ್ಷಕನಿಗೆ 187ವರ್ಷ ಜೈಲು!
ಕಣ್ಣೂರು: ಅಪ್ರಾಪ್ತ ಬಾಲಕಿಯೊಬ್ಬಳ ಮೇಲೆ ಕೋವಿಡ್-19ರ ಲಾಕ್‌ಡೌನ್ ಸಮಯದಲ್ಲಿ ಸುಮಾರು 2 ವರ್ಷಗಳ ಕಾಲ ಲೈಂಗಿಕ ದೌರ್ಜನ್ಯವೆಸಗಿದ್ದ ಮದರಸಾ ಶಿಕ್ಷಕನೊಬ್ಬನಿಗೆ ತಳಿಪರಂಬ ಪೋಕ್ಸೋ ನ್ಯಾಯಾಲಯ ಒಟ್ಟು 187 ವರ್ಷಗಳ ಜೈಲು ಶಿಕ್ಷೆ ವಿಧಿಸಿದೆ. ಆಲಕ್ಕೋಡ್ ಪಂಚಾಯತ್ ನ ಉದಯಗಿರಿ ನಿವಾಸಿ, ಪುಲಿಯನ್ನೂರ್‌ನ ಮದರಸಾ ಶಿಕ್ಷಕ ಮೊಹಮ್ಮದ್ ರಫಿ (41) ಅಪರಾಧಿ ಎಂದು ನ್ಯಾಯಾಲಯ ತೀರ್ಪು ನೀಡಿದೆ. ಅಪರಾಧಿಗೆ 9.1 ಲಕ್ಷ ರೂ. ದಂಡ ವಿಧಿಸಲಾಗಿದೆ. 2020ರ ಮಾರ್ಚ್‌ನಿಂದ 2021ರ ಡಿಸೆಂಬರ್ ವರೆಗೆ ಪ್ರಾಯದ ಬಾಲಕಿಯ ಮೇಲೆ ಮದರಸಾ ಆವರಣದಲ್ಲಿ ಹಾಗೂ ಇತರೆ ಸ್ಥಳಗಳಲ್ಲಿ ಕೃತ್ಯ ಎಸಗಿದ್ದ. ಬಾಲಕಿಯು ಕೌನ್ಸೆಲಿಂಗ್ ಸಂದರ್ಭದಲ್ಲಿ ಘಟನೆ ಬಹಿರಂಗಪಡಿಸಿದ್ದಳು.
ಹಿಂದೆಯೂ ಮಾಡಿದ್ದ ಇದೇ ಕೃತ್ಯ
ಈತ ಈ ಹಿಂದೆ ಪೆರಿಯಾರ್‌ನಲ್ಲಿ ಮದರಸಾ ಶಿಕ್ಷಕನಾಗಿದ್ದಾಗ ಬಾಲಕಿಯೊಬ್ಬಳ ಮೇಲೆ ಲೈಂಗಿಕ ದೌರ್ಜನ್ಯವೆಸಗಿದ್ದ ಪ್ರಕರಣದಲ್ಲಿ ಅಪರಾಧಿಯಾಗಿದ್ದ. ಪೋಕ್ಸೋ ಪ್ರಕರಣದಲ್ಲಿ ಜೈಲು ಶಿಕ್ಷೆ ಅನುಭವಿಸಿ ಬಿಡುಗಡೆಯಾಗಿದ್ದ ಈತ ಮತ್ತೆ ಇಂತಹದೇ ಕೃತ್ಯ ಎಸಗಿದ್ದಾನೆ. ಪೋಕ್ಸೋ ಕಾಯ್ದೆಯ ವಿವಿಧ ಸೆಕ್ಷನ್‌ಗಳ ಅಡಿಯಲ್ಲಿ ಶಿಕ್ಷೆ ವಿಧಿಸಲಾಗಿದ್ದು ಏಕಕಾಲದಲ್ಲಿ ಅನುಭವಿಸಬೇಕಿದೆ. ಈ ಶಿಕ್ಷೆಗಳು ಒಟ್ಟಿಗೆ ಚಾಲನೆಯಾಗುವುದರಿಂದ 50 ವರ್ಷಗಳ ಕಾಲ ಜೈಲಿನಲ್ಲಿರಬೇಕಾಗುತ್ತದೆ ಎಂದು ಪ್ರಾಸಿಕ್ಯೂಷನ್ ತಿಳಿಸಿದೆ.
ಟ್ರಂಪ್ ಸುಂಕದ ಪರಿಣಾಮ ಅಧ್ಯಯನ: ಜೈಶಂಕರ್
ಅಮೆರಿಕ ಜತೆ ವ್ಯಾಪಾರ ಮಾತುಕತೆ
ಹೊಸದಿಲ್ಲಿ: ಅಮೆರಿಕದ ಅಧ್ಯಕ್ಷ ಡೊನಾಲ್ಡ್ ಟ್ರಂಪ್ ಅವರು ಪರಸ್ಪರ ಸುಂಕಗಳ ಕುರಿತ ಆದೇಶವನ್ನು ತಡೆಹಿಡಿದಿರುವ ಬೆನ್ನಲ್ಲೇ, ಭಾರತ-ಅಮೆರಿಕ ದ್ವಿಪಕ್ಷೀಯ ವ್ಯಾಪಾರ ಒಪ್ಪಂದದ ಮಾತುಕತೆ ಮುಂದುವರೆದಿದೆ ಎಂದು ವಿದೇಶಾಂಗ ಸಚಿವ ಎಸ್. ಜೈಶಂಕರ್ ಹೇಳಿದ್ದಾರೆ. ಭಾರತದ ಮೇಲೆ ಟ್ರಂಪ್ ಸುಂಕ ನೀತಿಯ ಪರಿಣಾಮ ಏನು ಎಂಬುದರ ಅಧ್ಯಯನ ನಡೆಸಲಾಗುತ್ತಿದೆ. ಆದರೆ ಈ ವಿಚಾರವಾಗಿ ಯಾವುದೇ ತೀರ್ಮಾನಕ್ಕೆ ಬರುವುದು ಆತುರದ ನಿರ್ಧಾರವಾಗುತ್ತದೆ ಎಂದಿದ್ದಾರೆ.
ಭಾರತ-ಚೀನಾ ಸಂಬಂಧ ಉತ್ತಮ
ಭಾರತಕ್ಕೆ ಜಾಗತಿಕ ಮಟ್ಟದಲ್ಲಿ ವ್ಯಾಪಾರ-ವಹಿವಾಟು ವಿಸ್ತರಿಸಲು ಹೊಸ ಅವಕಾಶ
ವ್ಯಾಪಾರ ವೇಳೆ ಮಾರುಕಟ್ಟೆ ಮತ್ತೆ ಕುಸಿತ
ಬಗ್ಗೆ ಇನ್ನೂ ಪೂರ್ಣವಾಗಿ ಅಂದಾಜಿಸಿಲ್ಲ. ಅವರ ಸಮಸ್ಯೆ ಬಗೆಹರಿಸಲು ಎಲ್ಲ ರಾಷ್ಟ್ರಗಳೂ ಪ್ರಯತ್ನ ನಡೆಸುತ್ತಿವೆ. ಭಾರತದ ವ್ಯಾಪಾರ ಹಿತಾಸಕ್ತಿಗಳನ್ನು ಕಾಪಾಡಲು ಸರ್ಕಾರ ಬದ್ಧವಾಗಿದೆ. ಭಾರತ ಮತ್ತು ಅಮೆರಿಕ ನಡುವಿನ ವ್ಯಾಪಾರ ಒಪ್ಪಂದ ಶೀಘ್ರವೇ ಅಂತಿಮಗೊಳ್ಳುವ ನಿರೀಕ್ಷೆ ಇದೆ ಎಂದು ತಿಳಿಸಿದ್ದಾರೆ.
ಶೇ. 84 ಸುಂಕ ಹೇರಿಕೆಗೆ ಚೀನಾ:
ಟ್ರಂಪ್ ಅವರು ಚೀನಾದ ಮೇಲೆ ಶೇ.104 ರಷ್ಟು ಸುಂಕ ವಿಧಿಸಿದ್ದಕ್ಕೆ ಪ್ರತಿಕ್ರಿಯೆಯಾಗಿ ಚೀನಾ ಅಮೆರಿಕದ ಸರಕುಗಳ ಮೇಲೆ ಶೇ. 84 ರಷ್ಟು ಸುಂಕ ವಿಧಿಸಿದೆ. ಇದರಿಂದ ಅಮೆರಿಕ-ಚೀನಾ ವ್ಯಾಪಾರ ಯುದ್ಧ ಮತ್ತಷ್ಟು ತೀವ್ರಗೊಂಡಿದೆ. ಯುರೋಪಿಯನ್ ಒಕ್ಕೂಟವೂ ಅಮೆರಿಕ ಸರಕುಗಳ ಮೇಲೆ ಸುಂಕ ವಿಧಿಸಲು ನಿರ್ಧರಿಸಿದೆ.
